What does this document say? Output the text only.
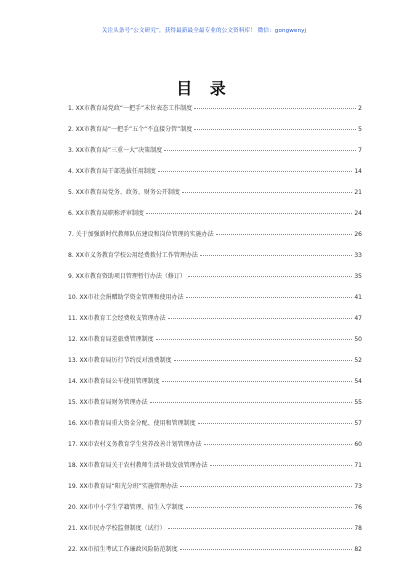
关注头条号“公文研究”，获得最新最全最专业的公文资料库！ 微信：gongwenyj
目 录
1. XX市教育局党政“一把手”末位表态工作制度	2
2. XX市教育局“一把手”五个“不直接分管”制度	5
3. XX市教育局“三重一大”决策制度	7
4. XX市教育局干部选拔任用制度	14
5. XX市教育局党务、政务、财务公开制度	21
6. XX市教育局职称评审制度	24
7. 关于加强新时代教师队伍建设和岗位管理的实施办法	26
8. XX市义务教育学校公用经费拨付工作管理办法	33
9. XX市教育资助项目管理暂行办法（修订）	35
10. XX市社会捐赠助学资金管理和使用办法	41
11. XX市教育工会经费收支管理办法	47
12. XX市教育局差旅费管理制度	50
13. XX市教育局厉行节约反对浪费制度	52
14. XX市教育局公车使用管理制度	54
15. XX市教育局财务管理办法	55
16. XX市教育局重大资金分配、使用和管理制度	57
17. XX市农村义务教育学生营养改善计划管理办法	60
18. XX市教育局关于农村教师生活补助发放管理办法	71
19. XX市教育局“阳光分班”实施管理办法	73
20. XX市中小学生学籍管理、招生入学制度	76
21. XX市民办学校监督制度（试行）	78
22. XX市招生考试工作廉政风险防范制度	82
